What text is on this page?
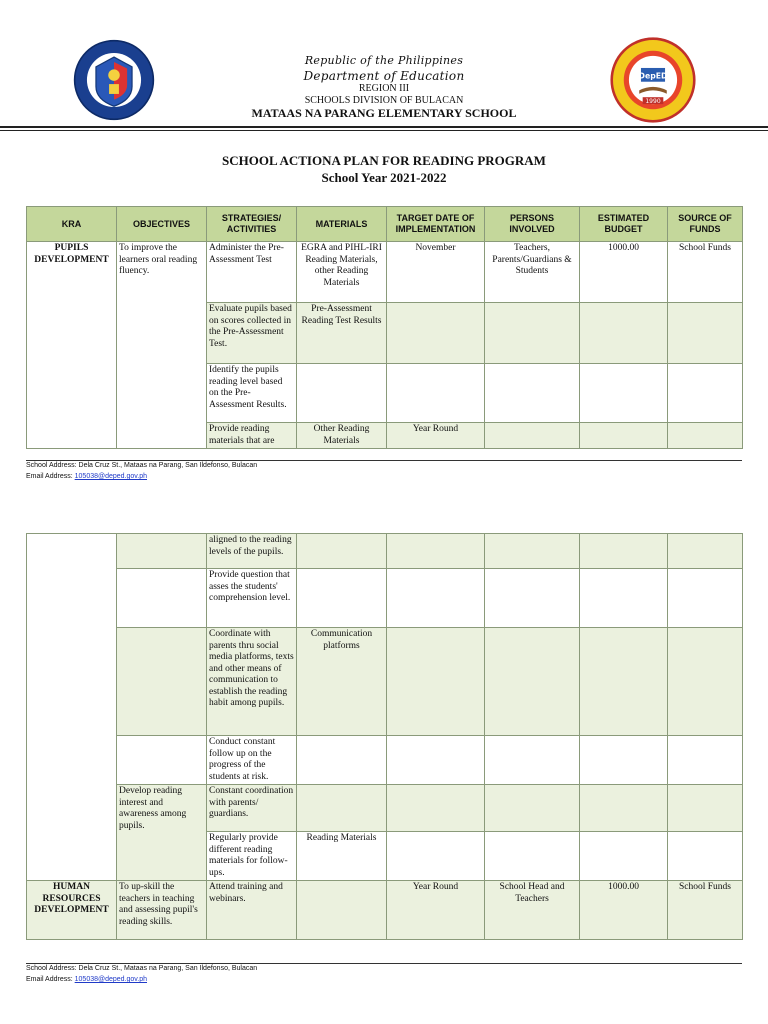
DepED
1990
Republic of the Philippines
Department of Education
REGION III
SCHOOLS DIVISION OF BULACAN
MATAAS NA PARANG ELEMENTARY SCHOOL
SCHOOL ACTIONA PLAN FOR READING PROGRAM
School Year 2021-2022
KRA	OBJECTIVES	STRATEGIES/ ACTIVITIES	MATERIALS	TARGET DATE OF IMPLEMENTATION	PERSONS INVOLVED	ESTIMATED BUDGET	SOURCE OF FUNDS
PUPILS DEVELOPMENT	To improve the learners oral reading fluency.	Administer the Pre-Assessment Test	EGRA and PIHL-IRI Reading Materials, other Reading Materials	November	Teachers, Parents/Guardians & Students	1000.00	School Funds
		Evaluate pupils based on scores collected in the Pre-Assessment Test.	Pre-Assessment Reading Test Results				
		Identify the pupils reading level based on the Pre-Assessment Results.					
		Provide reading materials that are	Other Reading Materials	Year Round			
School Address: Dela Cruz St., Mataas na Parang, San Ildefonso, Bulacan
Email Address: 105038@deped.gov.ph
		aligned to the reading levels of the pupils.					
		Provide question that asses the students' comprehension level.					
		Coordinate with parents thru social media platforms, texts and other means of communication to establish the reading habit among pupils.	Communication platforms				
		Conduct constant follow up on the progress of the students at risk.					
	Develop reading interest and awareness among pupils.	Constant coordination with parents/ guardians.					
		Regularly provide different reading materials for follow-ups.	Reading Materials				
HUMAN RESOURCES DEVELOPMENT	To up-skill the teachers in teaching and assessing pupil's reading skills.	Attend training and webinars.		Year Round	School Head and Teachers	1000.00	School Funds
School Address: Dela Cruz St., Mataas na Parang, San Ildefonso, Bulacan
Email Address: 105038@deped.gov.ph
